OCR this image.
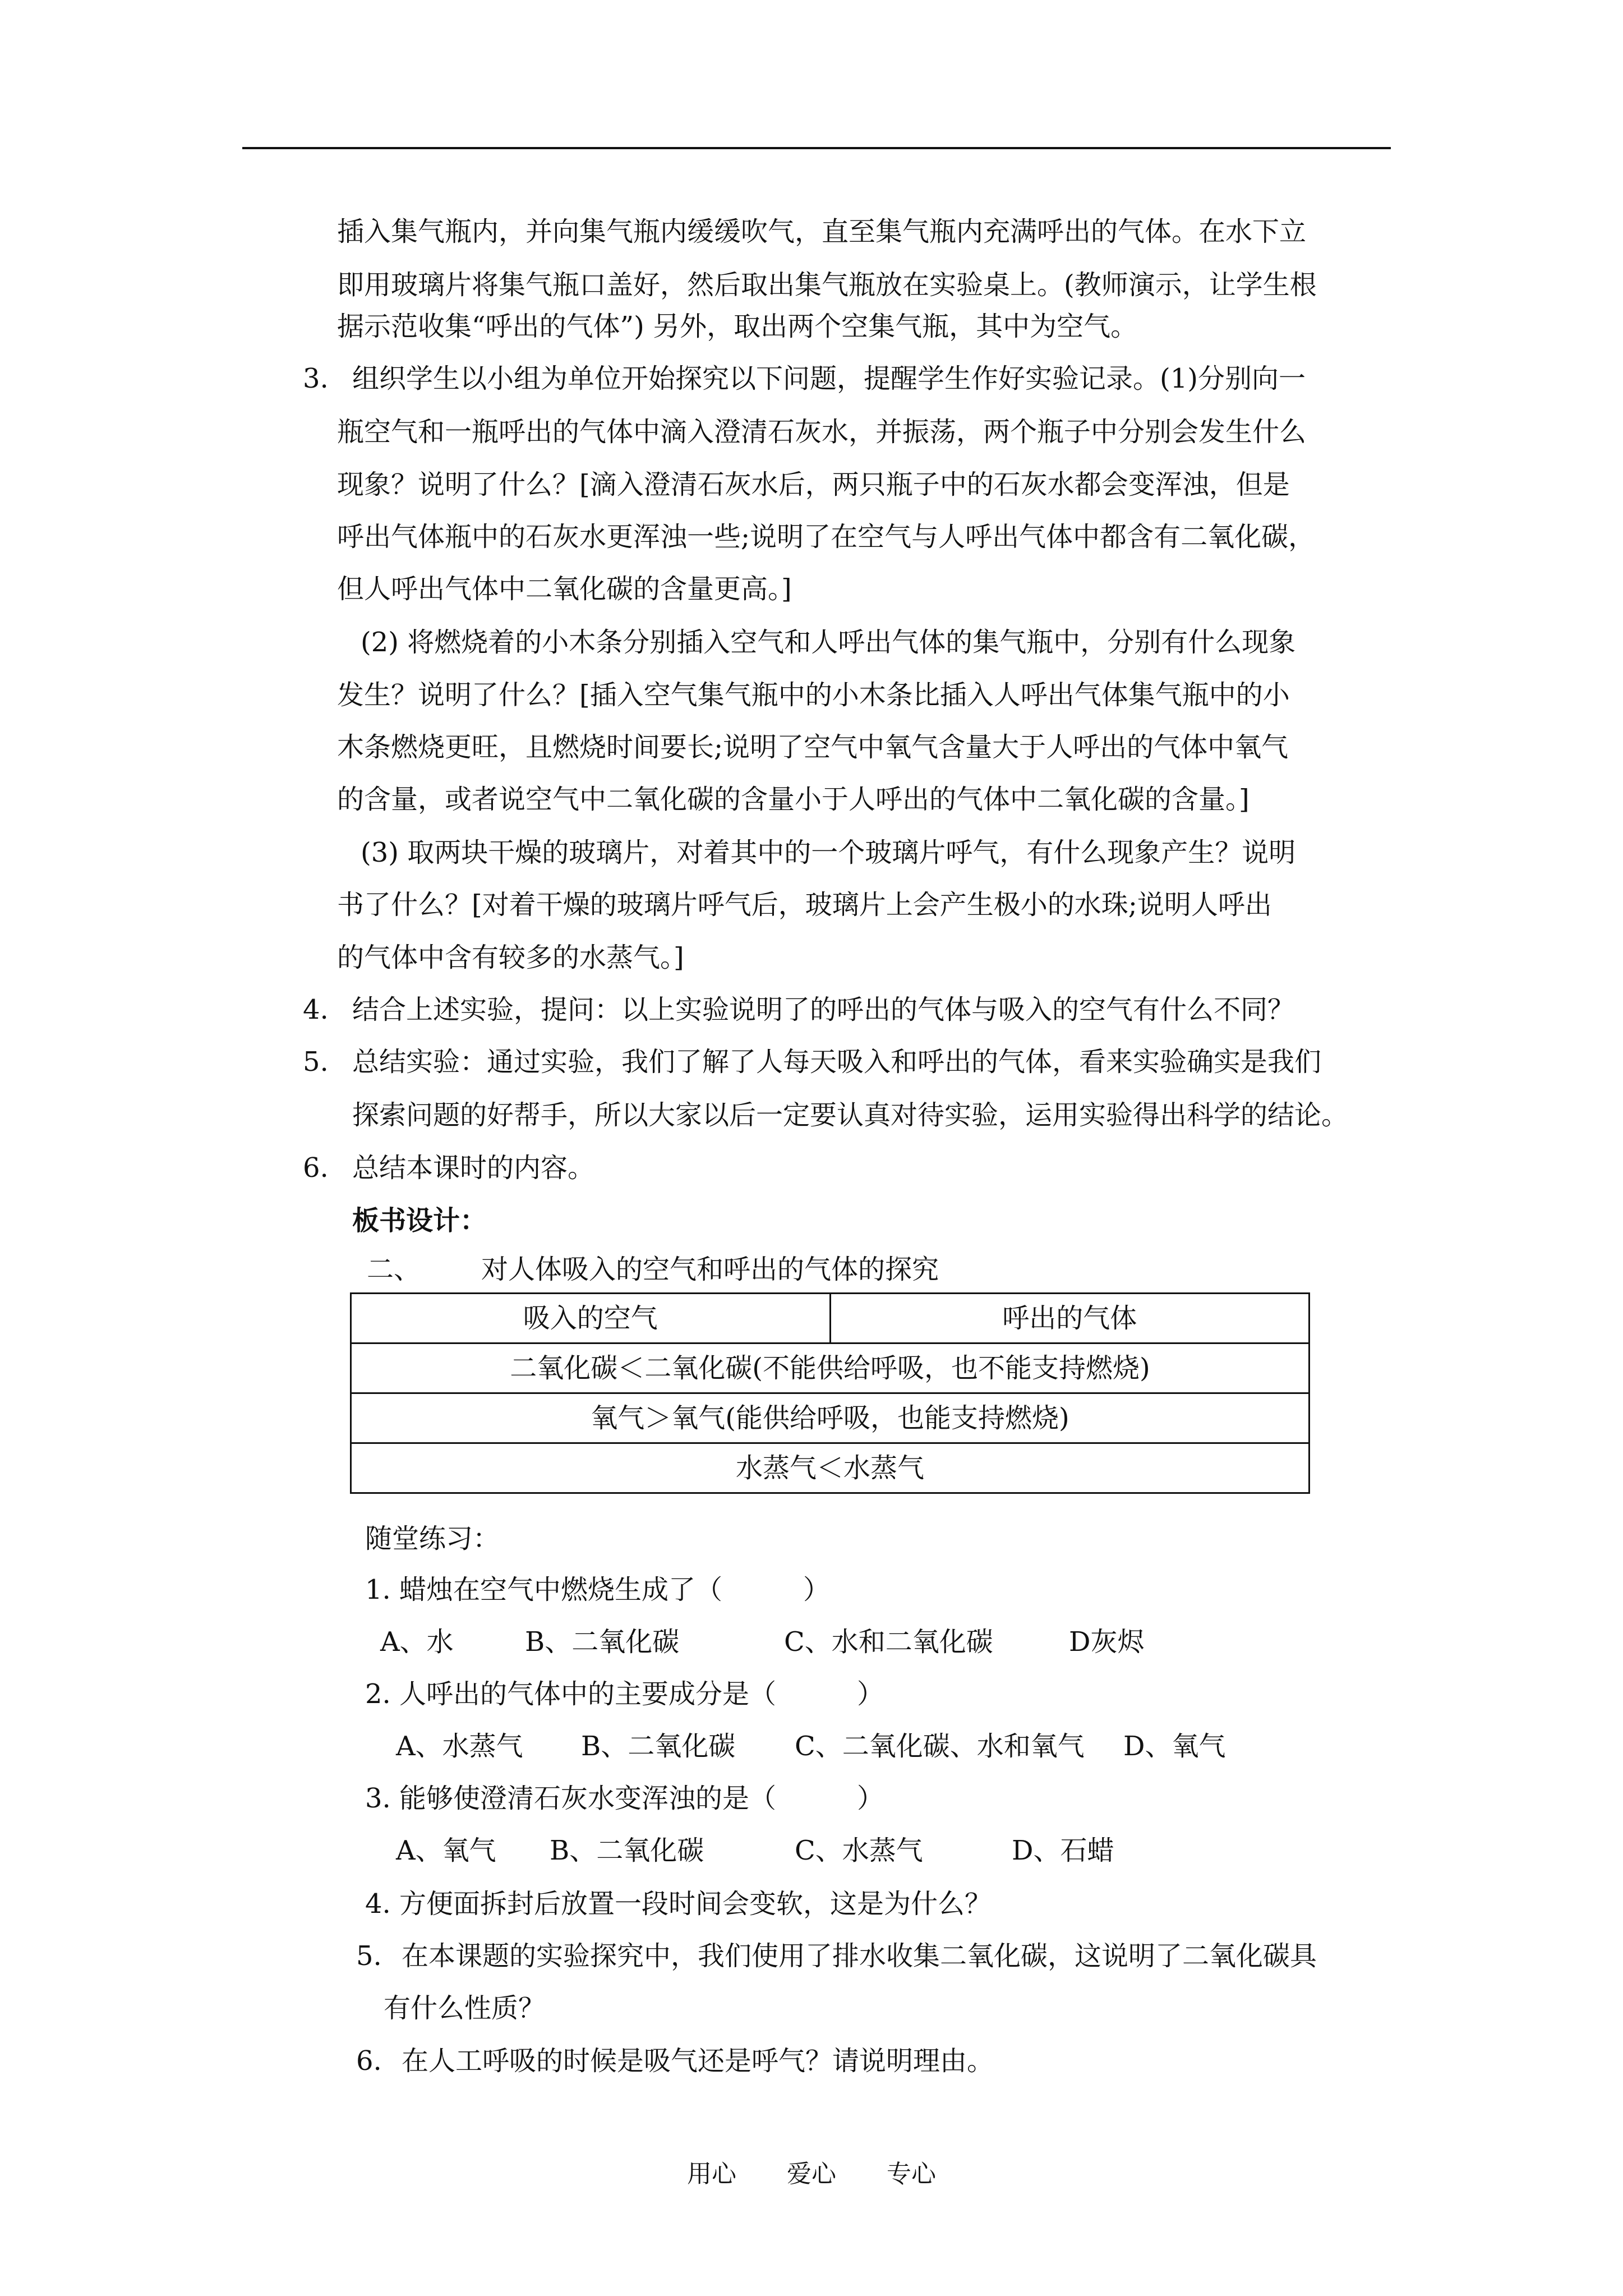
插入集气瓶内，并向集气瓶内缓缓吹气，直至集气瓶内充满呼出的气体。在水下立
即用玻璃片将集气瓶口盖好，然后取出集气瓶放在实验桌上。(教师演示，让学生根
据示范收集“呼出的气体”) 另外，取出两个空集气瓶，其中为空气。
3. 组织学生以小组为单位开始探究以下问题，提醒学生作好实验记录。(1)分别向一
瓶空气和一瓶呼出的气体中滴入澄清石灰水，并振荡，两个瓶子中分别会发生什么
现象？说明了什么？[滴入澄清石灰水后，两只瓶子中的石灰水都会变浑浊，但是
呼出气体瓶中的石灰水更浑浊一些;说明了在空气与人呼出气体中都含有二氧化碳，
但人呼出气体中二氧化碳的含量更高。]
(2) 将燃烧着的小木条分别插入空气和人呼出气体的集气瓶中，分别有什么现象
发生？说明了什么？[插入空气集气瓶中的小木条比插入人呼出气体集气瓶中的小
木条燃烧更旺，且燃烧时间要长;说明了空气中氧气含量大于人呼出的气体中氧气
的含量，或者说空气中二氧化碳的含量小于人呼出的气体中二氧化碳的含量。]
(3) 取两块干燥的玻璃片，对着其中的一个玻璃片呼气，有什么现象产生？说明
书了什么？[对着干燥的玻璃片呼气后，玻璃片上会产生极小的水珠;说明人呼出
的气体中含有较多的水蒸气。]
4. 结合上述实验，提问：以上实验说明了的呼出的气体与吸入的空气有什么不同？
5. 总结实验：通过实验，我们了解了人每天吸入和呼出的气体，看来实验确实是我们
探索问题的好帮手，所以大家以后一定要认真对待实验，运用实验得出科学的结论。
6. 总结本课时的内容。
板书设计：
二、 对人体吸入的空气和呼出的气体的探究
吸入的空气	呼出的气体
二氧化碳＜二氧化碳(不能供给呼吸，也不能支持燃烧)
氧气＞氧气(能供给呼吸，也能支持燃烧)
水蒸气＜水蒸气
随堂练习：
1. 蜡烛在空气中燃烧生成了（　　　）
A、水	B、二氧化碳	C、水和二氧化碳	D灰烬
2. 人呼出的气体中的主要成分是（　　　）
A、水蒸气 B、二氧化碳 C、二氧化碳、水和氧气 D、氧气
3. 能够使澄清石灰水变浑浊的是（　　　）
A、氧气 B、二氧化碳	C、水蒸气	D、石蜡
4. 方便面拆封后放置一段时间会变软，这是为什么？
5. 在本课题的实验探究中，我们使用了排水收集二氧化碳，这说明了二氧化碳具
有什么性质？
6. 在人工呼吸的时候是吸气还是呼气？请说明理由。
用心 爱心 专心
